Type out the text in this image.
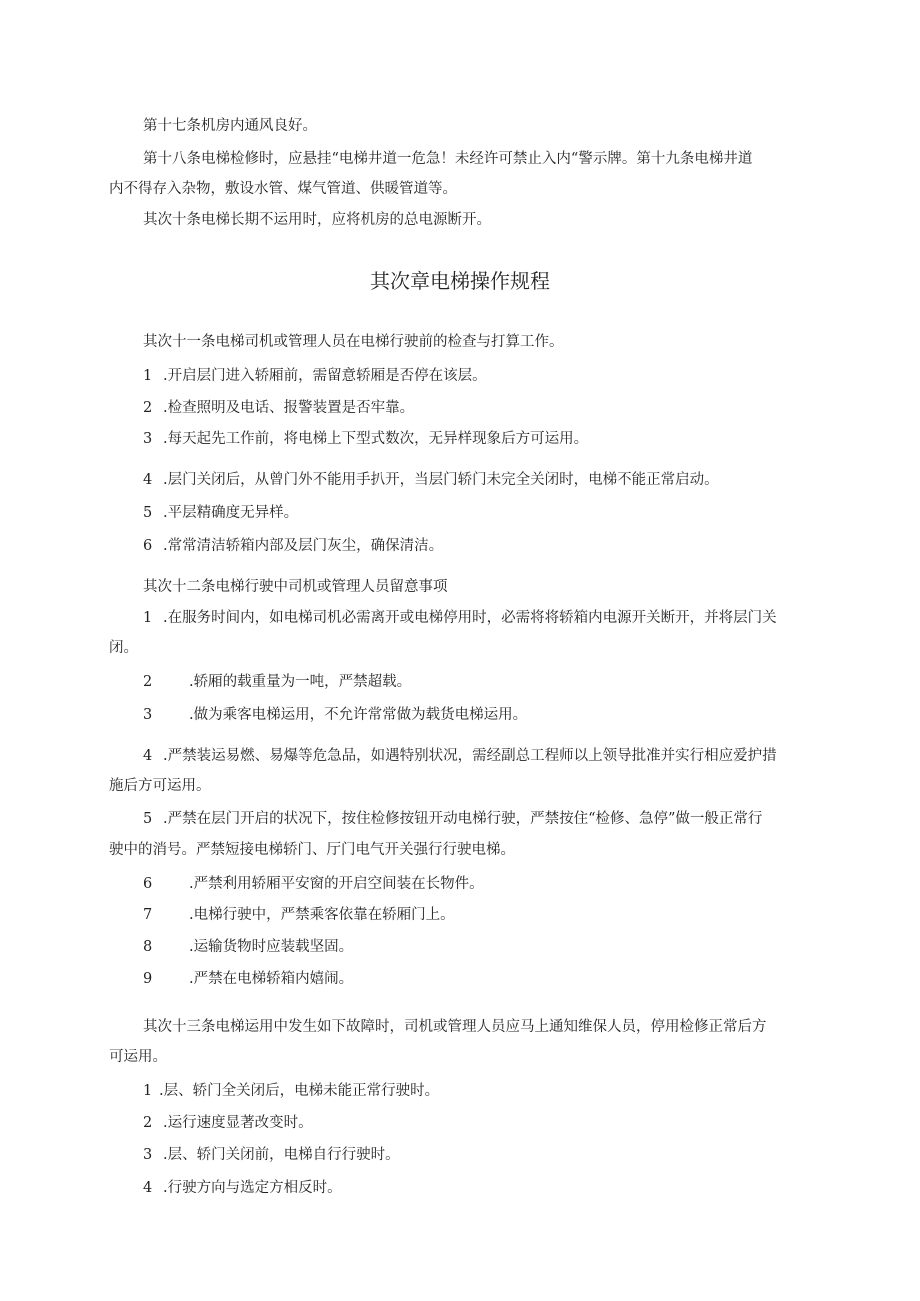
第十七条机房内通风良好。
第十八条电梯检修时，应悬挂“电梯井道一危急！未经许可禁止入内“警示牌。第十九条电梯井道
内不得存入杂物，敷设水管、煤气管道、供暖管道等。
其次十条电梯长期不运用时，应将机房的总电源断开。
其次章电梯操作规程
其次十一条电梯司机或管理人员在电梯行驶前的检查与打算工作。
1 .开启层门进入轿厢前，需留意轿厢是否停在该层。
2 .检查照明及电话、报警装置是否牢靠。
3 .每天起先工作前，将电梯上下型式数次，无异样现象后方可运用。
4 .层门关闭后，从曾门外不能用手扒开，当层门轿门未完全关闭时，电梯不能正常启动。
5 .平层精确度无异样。
6 .常常清洁轿箱内部及层门灰尘，确保清洁。
其次十二条电梯行驶中司机或管理人员留意事项
1 .在服务时间内，如电梯司机必需离开或电梯停用时，必需将将轿箱内电源开关断开，并将层门关
闭。
2	.轿厢的载重量为一吨，严禁超载。
3	.做为乘客电梯运用，不允许常常做为载货电梯运用。
4 .严禁装运易燃、易爆等危急品，如遇特别状况，需经副总工程师以上领导批准并实行相应爱护措
施后方可运用。
5 .严禁在层门开启的状况下，按住检修按钮开动电梯行驶，严禁按住“检修、急停”做一般正常行
驶中的消号。严禁短接电梯轿门、厅门电气开关强行行驶电梯。
6	.严禁利用轿厢平安窗的开启空间装在长物件。
7	.电梯行驶中，严禁乘客依靠在轿厢门上。
8	.运输货物时应装载坚固。
9	.严禁在电梯轿箱内嬉闹。
其次十三条电梯运用中发生如下故障时，司机或管理人员应马上通知维保人员，停用检修正常后方
可运用。
1 .层、轿门全关闭后，电梯未能正常行驶时。
2 .运行速度显著改变时。
3 .层、轿门关闭前，电梯自行行驶时。
4 .行驶方向与选定方相反时。
